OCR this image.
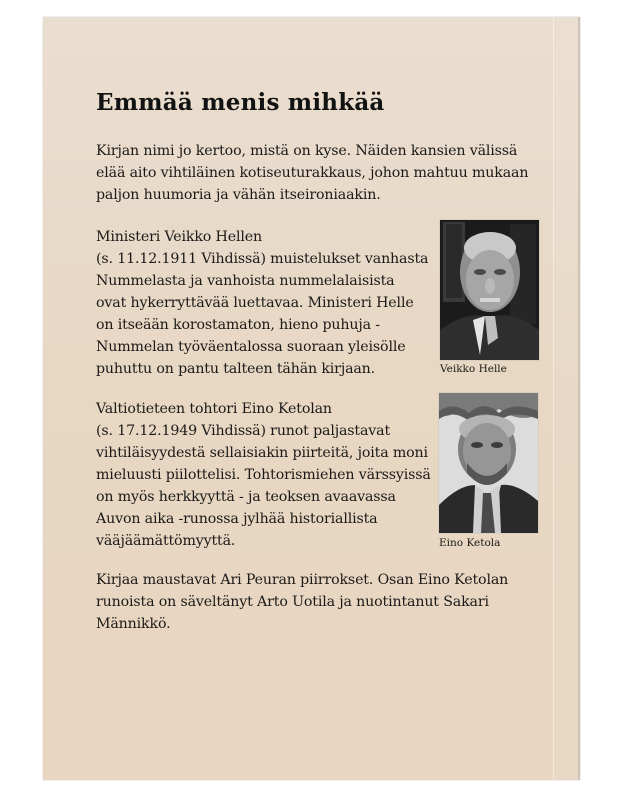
Emmää menis mihkää

Kirjan nimi jo kertoo, mistä on kyse. Näiden kansien välissä
elää aito vihtiläinen kotiseuturakkaus, johon mahtuu mukaan
paljon huumoria ja vähän itseironiaakin.

Ministeri Veikko Hellen
(s. 11.12.1911 Vihdissä) muistelukset vanhasta
Nummelasta ja vanhoista nummelalaisista
ovat hykerryttävää luettavaa. Ministeri Helle
on itseään korostamaton, hieno puhuja -
Nummelan työväentalossa suoraan yleisölle
puhuttu on pantu talteen tähän kirjaan.	Veikko Helle

Valtiotieteen tohtori Eino Ketolan
(s. 17.12.1949 Vihdissä) runot paljastavat
vihtiläisyydestä sellaisiakin piirteitä, joita moni
mieluusti piilottelisi. Tohtorismiehen värssyissä
on myös herkkyyttä - ja teoksen avaavassa
Auvon aika -runossa jylhää historiallista
vääjäämättömyyttä.	Eino Ketola

Kirjaa maustavat Ari Peuran piirrokset. Osan Eino Ketolan
runoista on säveltänyt Arto Uotila ja nuotintanut Sakari
Männikkö.
